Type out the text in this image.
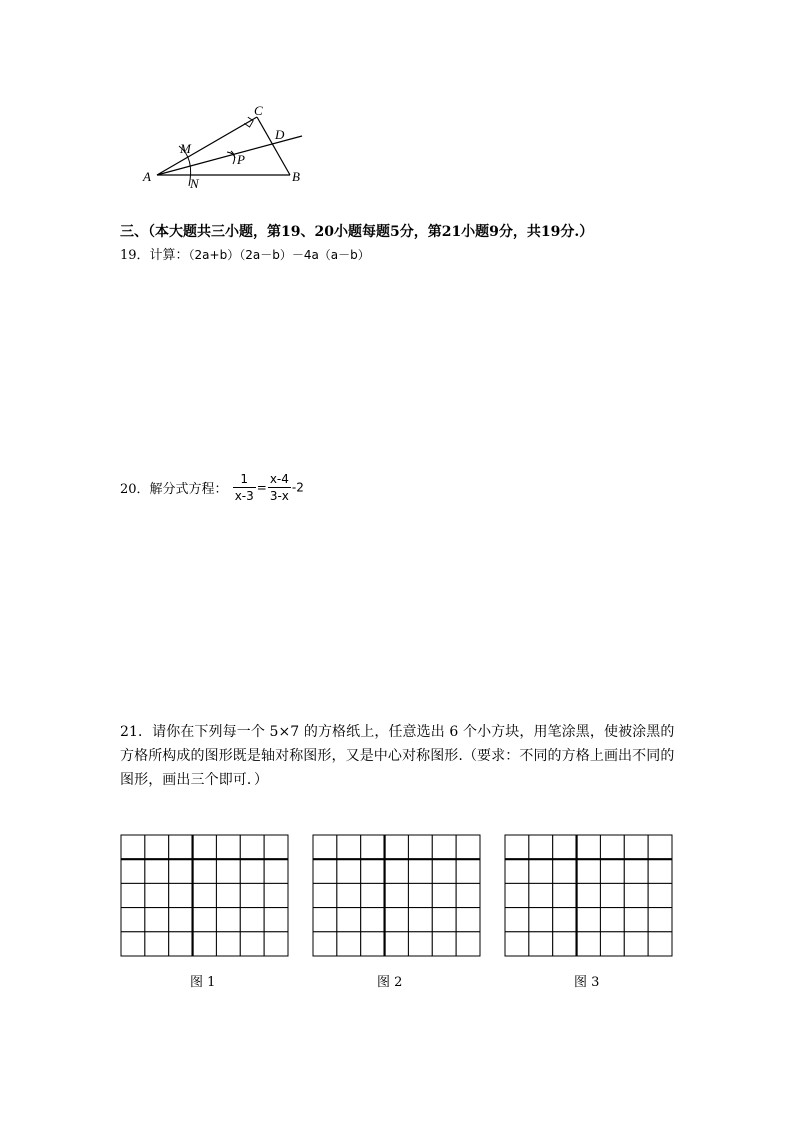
A	B
C
D
M
N
P
三、（本大题共三小题，第19、20小题每题5分，第21小题9分，共19分.）
19．计算：（2a+b）（2a－b）－4a（a－b）
20．解分式方程： $\frac{1}{x-3} = \frac{x-4}{3-x} -2$
21．请你在下列每一个 5×7 的方格纸上，任意选出 6 个小方块，用笔涂黑，使被涂黑的方格所构成的图形既是轴对称图形，又是中心对称图形.（要求：不同的方格上画出不同的图形，画出三个即可．）
图 1	图 2	图 3
